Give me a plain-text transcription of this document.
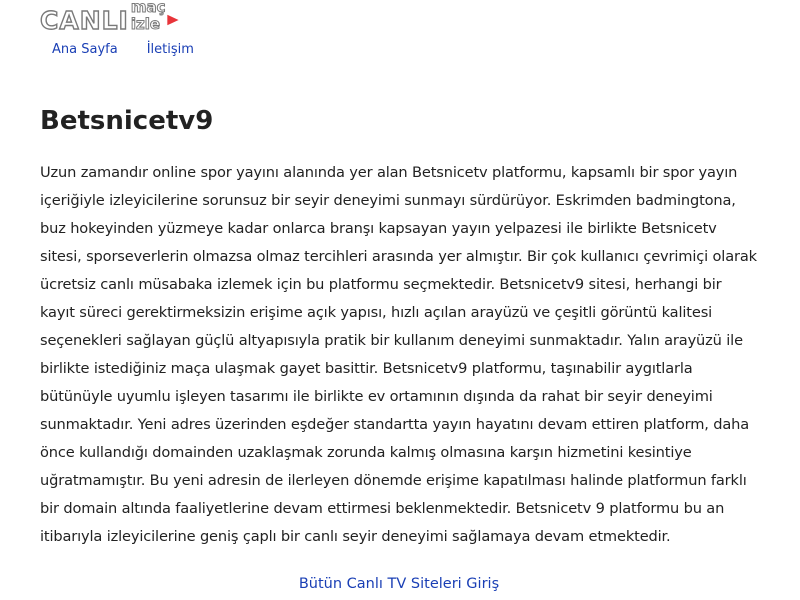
CANLI maç
izle
Ana Sayfa İletişim
Betsnicetv9

Uzun zamandır online spor yayını alanında yer alan Betsnicetv platformu, kapsamlı bir spor yayın içeriğiyle izleyicilerine sorunsuz bir seyir deneyimi sunmayı sürdürüyor. Eskrimden badmingtona, buz hokeyinden yüzmeye kadar onlarca branşı kapsayan yayın yelpazesi ile birlikte Betsnicetv sitesi, sporseverlerin olmazsa olmaz tercihleri arasında yer almıştır. Bir çok kullanıcı çevrimiçi olarak ücretsiz canlı müsabaka izlemek için bu platformu seçmektedir. Betsnicetv9 sitesi, herhangi bir kayıt süreci gerektirmeksizin erişime açık yapısı, hızlı açılan arayüzü ve çeşitli görüntü kalitesi seçenekleri sağlayan güçlü altyapısıyla pratik bir kullanım deneyimi sunmaktadır. Yalın arayüzü ile birlikte istediğiniz maça ulaşmak gayet basittir. Betsnicetv9 platformu, taşınabilir aygıtlarla bütünüyle uyumlu işleyen tasarımı ile birlikte ev ortamının dışında da rahat bir seyir deneyimi sunmaktadır. Yeni adres üzerinden eşdeğer standartta yayın hayatını devam ettiren platform, daha önce kullandığı domainden uzaklaşmak zorunda kalmış olmasına karşın hizmetini kesintiye uğratmamıştır. Bu yeni adresin de ilerleyen dönemde erişime kapatılması halinde platformun farklı bir domain altında faaliyetlerine devam ettirmesi beklenmektedir. Betsnicetv 9 platformu bu an itibarıyla izleyicilerine geniş çaplı bir canlı seyir deneyimi sağlamaya devam etmektedir.

Bütün Canlı TV Siteleri Giriş
